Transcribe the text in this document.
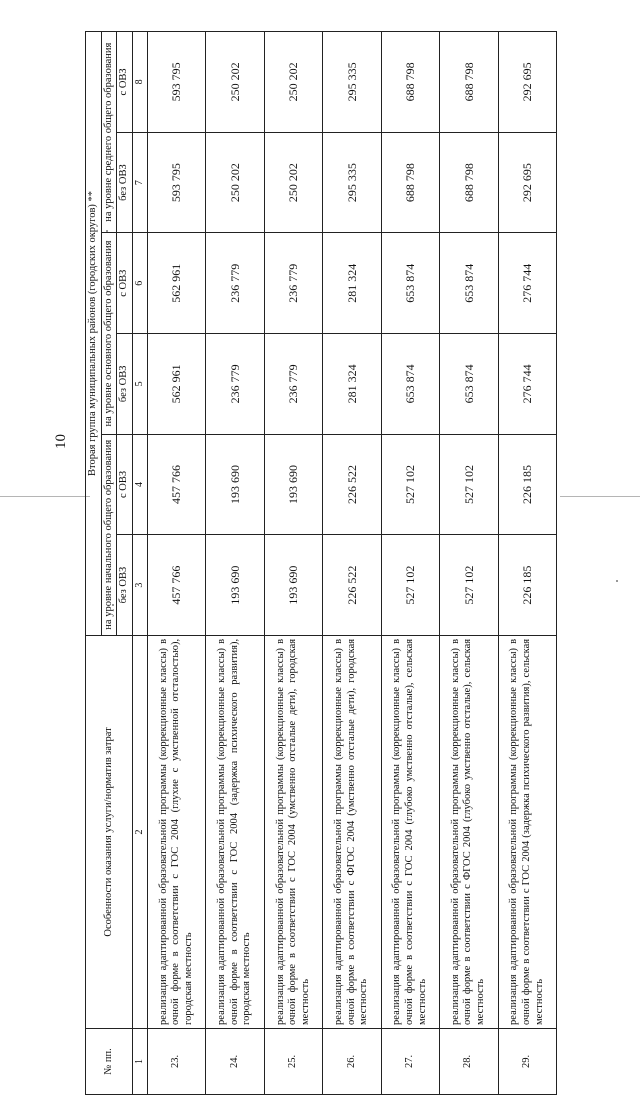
10
№ пп.	Особенности оказания услуги/норматив затрат	Вторая группа муниципальных районов (городских округов) **					
		на уровне начального общего образования		на уровне основного общего образования		на уровне среднего общего образования	
		без ОВЗ	с ОВЗ	без ОВЗ	с ОВЗ	без ОВЗ	с ОВЗ
1	2	3	4	5	6	7	8
23.	реализация адаптированной образовательной программы (коррекционные классы) в очной форме в соответствии с ГОС 2004 (глухие с умственной отсталостью), городская местность	457 766	457 766	562 961	562 961	593 795	593 795
24.	реализация адаптированной образовательной программы (коррекционные классы) в очной форме в соответствии с ГОС 2004 (задержка психического развития), городская местность	193 690	193 690	236 779	236 779	250 202	250 202
25.	реализация адаптированной образовательной программы (коррекционные классы) в очной форме в соответствии с ГОС 2004 (умственно отсталые дети), городская местность	193 690	193 690	236 779	236 779	250 202	250 202
26.	реализация адаптированной образовательной программы (коррекционные классы) в очной форме в соответствии с ФГОС 2004 (умственно отсталые дети), городская местность	226 522	226 522	281 324	281 324	295 335	295 335
27.	реализация адаптированной образовательной программы (коррекционные классы) в очной форме в соответствии с ГОС 2004 (глубоко умственно отсталые), сельская местность	527 102	527 102	653 874	653 874	688 798	688 798
28.	реализация адаптированной образовательной программы (коррекционные классы) в очной форме в соответствии с ФГОС 2004 (глубоко умственно отсталые), сельская местность	527 102	527 102	653 874	653 874	688 798	688 798
29.	реализация адаптированной образовательной программы (коррекционные классы) в очной форме в соответствии с ГОС 2004 (задержка психического развития), сельская местность	226 185	226 185	276 744	276 744	292 695	292 695
